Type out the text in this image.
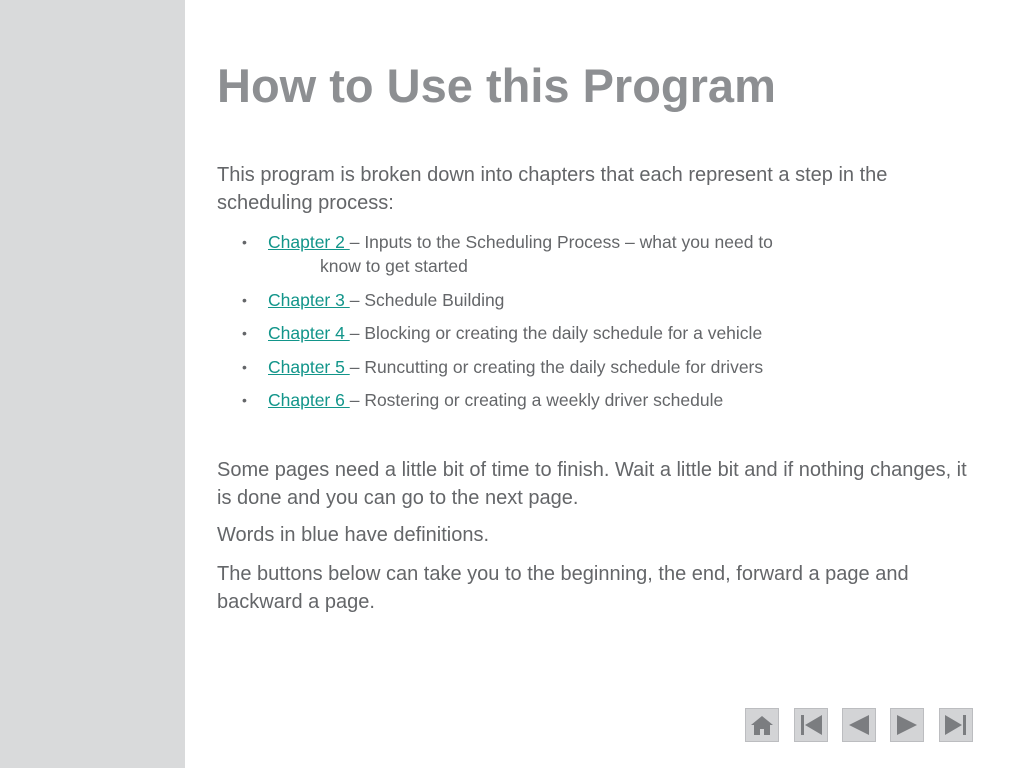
How to Use this Program

This program is broken down into chapters that each represent a step in the scheduling process:

• Chapter 2 – Inputs to the Scheduling Process – what you need to
know to get started
• Chapter 3 – Schedule Building
• Chapter 4 – Blocking or creating the daily schedule for a vehicle
• Chapter 5 – Runcutting or creating the daily schedule for drivers
• Chapter 6 – Rostering or creating a weekly driver schedule

Some pages need a little bit of time to finish. Wait a little bit and if nothing changes, it is done and you can go to the next page.

Words in blue have definitions.

The buttons below can take you to the beginning, the end, forward a page and backward a page.
